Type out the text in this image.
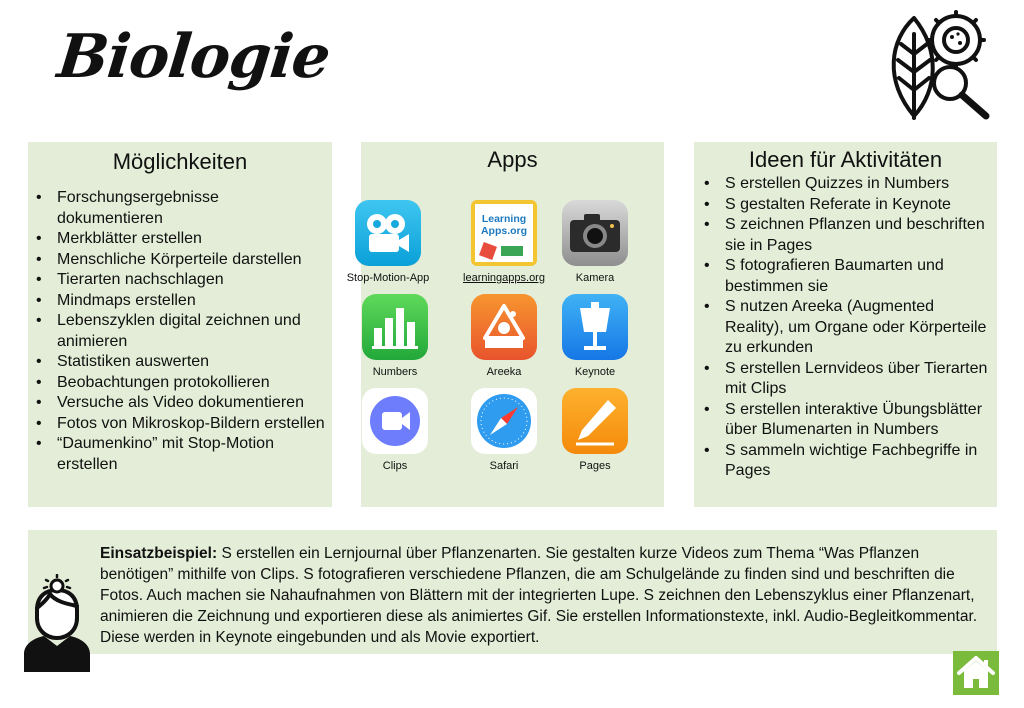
Biologie
Möglichkeiten
• Forschungsergebnisse dokumentieren
• Merkblätter erstellen
• Menschliche Körperteile darstellen
• Tierarten nachschlagen
• Mindmaps erstellen
• Lebenszyklen digital zeichnen und animieren
• Statistiken auswerten
• Beobachtungen protokollieren
• Versuche als Video dokumentieren
• Fotos von Mikroskop-Bildern erstellen
• “Daumenkino” mit Stop-Motion erstellen
Apps
Stop-Motion-App
Learning Apps.org
learningapps.org	Kamera
Numbers	Areeka	Keynote
Clips	Safari	Pages
Ideen für Aktivitäten
• S erstellen Quizzes in Numbers
• S gestalten Referate in Keynote
• S zeichnen Pflanzen und beschriften sie in Pages
• S fotografieren Baumarten und bestimmen sie
• S nutzen Areeka (Augmented Reality), um Organe oder Körperteile zu erkunden
• S erstellen Lernvideos über Tierarten mit Clips
• S erstellen interaktive Übungsblätter über Blumenarten in Numbers
• S sammeln wichtige Fachbegriffe in Pages

Einsatzbeispiel: S erstellen ein Lernjournal über Pflanzenarten. Sie gestalten kurze Videos zum Thema “Was Pflanzen benötigen” mithilfe von Clips. S fotografieren verschiedene Pflanzen, die am Schulgelände zu finden sind und beschriften die Fotos. Auch machen sie Nahaufnahmen von Blättern mit der integrierten Lupe. S zeichnen den Lebenszyklus einer Pflanzenart, animieren die Zeichnung und exportieren diese als animiertes Gif. Sie erstellen Informationstexte, inkl. Audio-Begleitkommentar. Diese werden in Keynote eingebunden und als Movie exportiert.
